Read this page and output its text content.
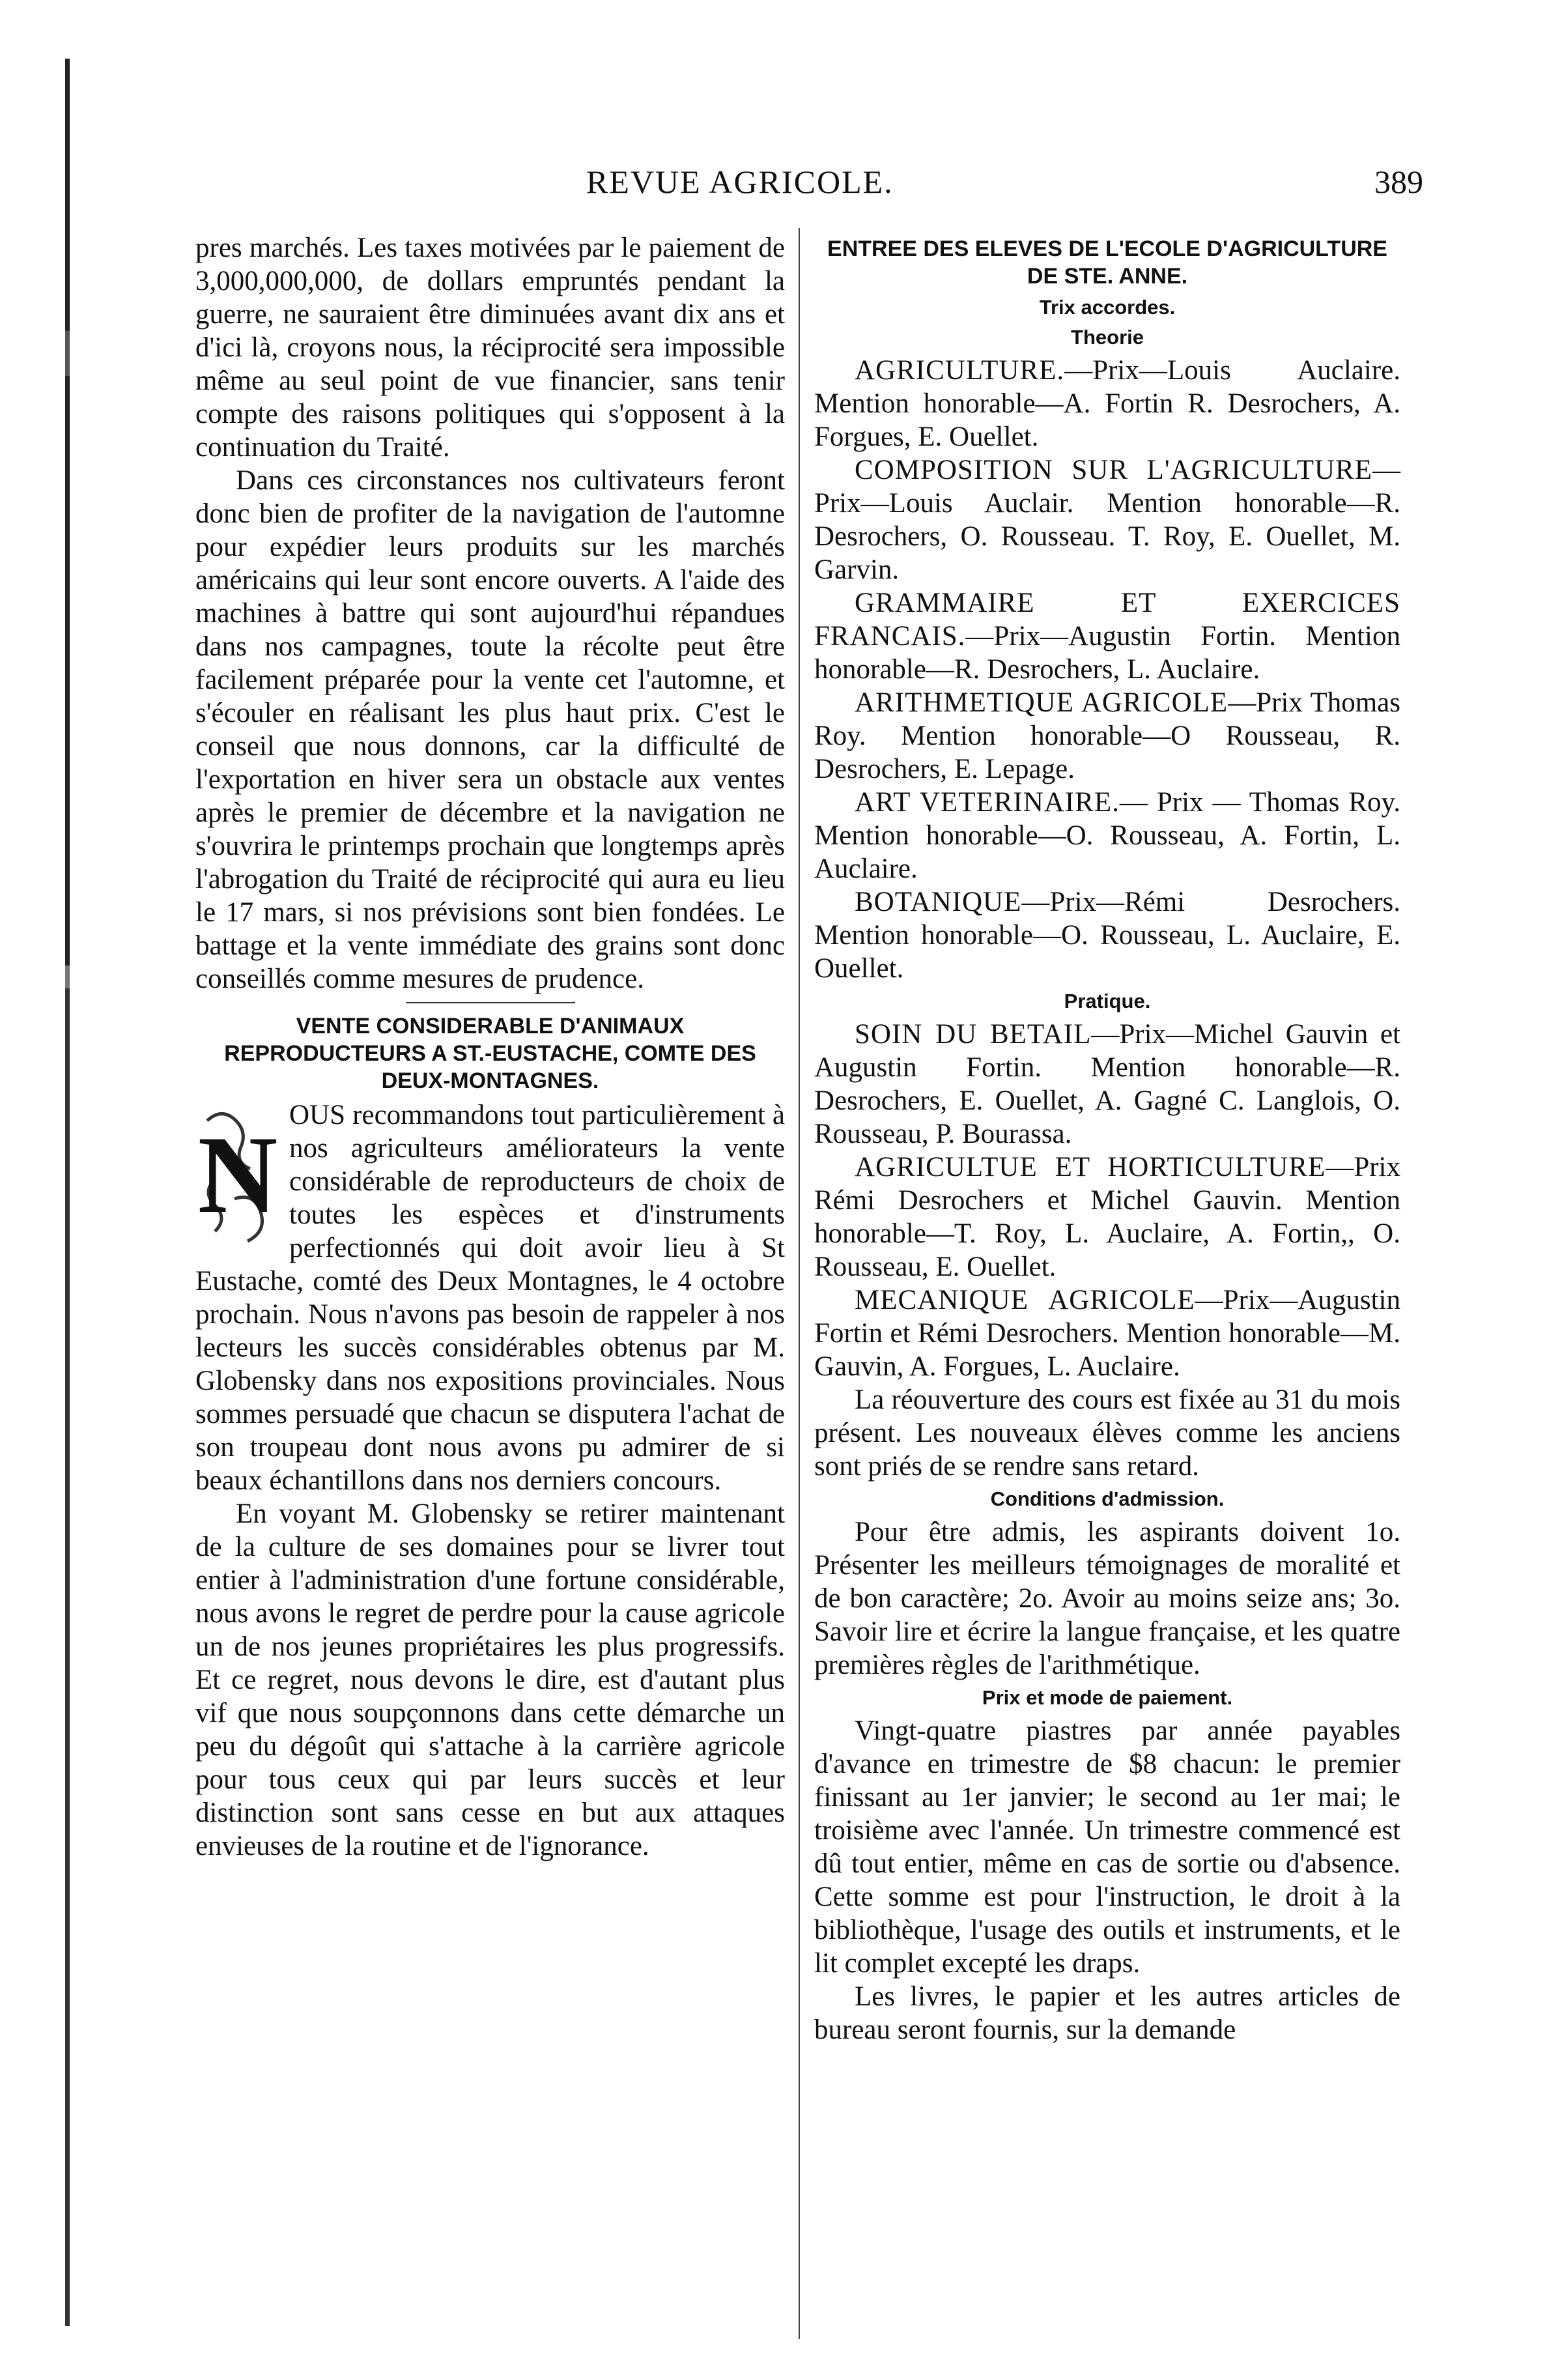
REVUE AGRICOLE.	389

pres marchés. Les taxes motivées par le paiement de 3,000,000,000, de dollars empruntés pendant la guerre, ne sauraient être diminuées avant dix ans et d'ici là, croyons nous, la réciprocité sera impossible même au seul point de vue financier, sans tenir compte des raisons politiques qui s'opposent à la continuation du Traité.

Dans ces circonstances nos cultivateurs feront donc bien de profiter de la navigation de l'automne pour expédier leurs produits sur les marchés américains qui leur sont encore ouverts. A l'aide des machines à battre qui sont aujourd'hui répandues dans nos campagnes, toute la récolte peut être facilement préparée pour la vente cet l'automne, et s'écouler en réalisant les plus haut prix. C'est le conseil que nous donnons, car la difficulté de l'exportation en hiver sera un obstacle aux ventes après le premier de décembre et la navigation ne s'ouvrira le printemps prochain que longtemps après l'abrogation du Traité de réciprocité qui aura eu lieu le 17 mars, si nos prévisions sont bien fondées. Le battage et la vente immédiate des grains sont donc conseillés comme mesures de prudence.

VENTE CONSIDERABLE D'ANIMAUX REPRODUCTEURS A ST.-EUSTACHE, COMTE DES DEUX-MONTAGNES.
N OUS recommandons tout particulièrement à nos agriculteurs améliorateurs la vente considérable de reproducteurs de choix de toutes les espèces et d'instruments perfectionnés qui doit avoir lieu à St Eustache, comté des Deux Montagnes, le 4 octobre prochain. Nous n'avons pas besoin de rappeler à nos lecteurs les succès considérables obtenus par M. Globensky dans nos expositions provinciales. Nous sommes persuadé que chacun se disputera l'achat de son troupeau dont nous avons pu admirer de si beaux échantillons dans nos derniers concours.

En voyant M. Globensky se retirer maintenant de la culture de ses domaines pour se livrer tout entier à l'administration d'une fortune considérable, nous avons le regret de perdre pour la cause agricole un de nos jeunes propriétaires les plus progressifs. Et ce regret, nous devons le dire, est d'autant plus vif que nous soupçonnons dans cette démarche un peu du dégoût qui s'attache à la carrière agricole pour tous ceux qui par leurs succès et leur distinction sont sans cesse en but aux attaques envieuses de la routine et de l'ignorance.

ENTREE DES ELEVES DE L'ECOLE D'AGRICULTURE DE STE. ANNE.
Trix accordes.
Theorie

AGRICULTURE.—Prix—Louis Auclaire. Mention honorable—A. Fortin R. Desrochers, A. Forgues, E. Ouellet.

COMPOSITION SUR L'AGRICULTURE—Prix—Louis Auclair. Mention honorable—R. Desrochers, O. Rousseau. T. Roy, E. Ouellet, M. Garvin.

GRAMMAIRE ET EXERCICES FRANCAIS.—Prix—Augustin Fortin. Mention honorable—R. Desrochers, L. Auclaire.

ARITHMETIQUE AGRICOLE—Prix Thomas Roy. Mention honorable—O Rousseau, R. Desrochers, E. Lepage.

ART VETERINAIRE.— Prix — Thomas Roy. Mention honorable—O. Rousseau, A. Fortin, L. Auclaire.

BOTANIQUE—Prix—Rémi Desrochers. Mention honorable—O. Rousseau, L. Auclaire, E. Ouellet.

Pratique.

SOIN DU BETAIL—Prix—Michel Gauvin et Augustin Fortin. Mention honorable—R. Desrochers, E. Ouellet, A. Gagné C. Langlois, O. Rousseau, P. Bourassa.

AGRICULTUE ET HORTICULTURE—Prix Rémi Desrochers et Michel Gauvin. Mention honorable—T. Roy, L. Auclaire, A. Fortin,, O. Rousseau, E. Ouellet.

MECANIQUE AGRICOLE—Prix—Augustin Fortin et Rémi Desrochers. Mention honorable—M. Gauvin, A. Forgues, L. Auclaire.

La réouverture des cours est fixée au 31 du mois présent. Les nouveaux élèves comme les anciens sont priés de se rendre sans retard.

Conditions d'admission.

Pour être admis, les aspirants doivent 1o. Présenter les meilleurs témoignages de moralité et de bon caractère; 2o. Avoir au moins seize ans; 3o. Savoir lire et écrire la langue française, et les quatre premières règles de l'arithmétique.

Prix et mode de paiement.

Vingt-quatre piastres par année payables d'avance en trimestre de $8 chacun: le premier finissant au 1er janvier; le second au 1er mai; le troisième avec l'année. Un trimestre commencé est dû tout entier, même en cas de sortie ou d'absence. Cette somme est pour l'instruction, le droit à la bibliothèque, l'usage des outils et instruments, et le lit complet excepté les draps.

Les livres, le papier et les autres articles de bureau seront fournis, sur la demande
